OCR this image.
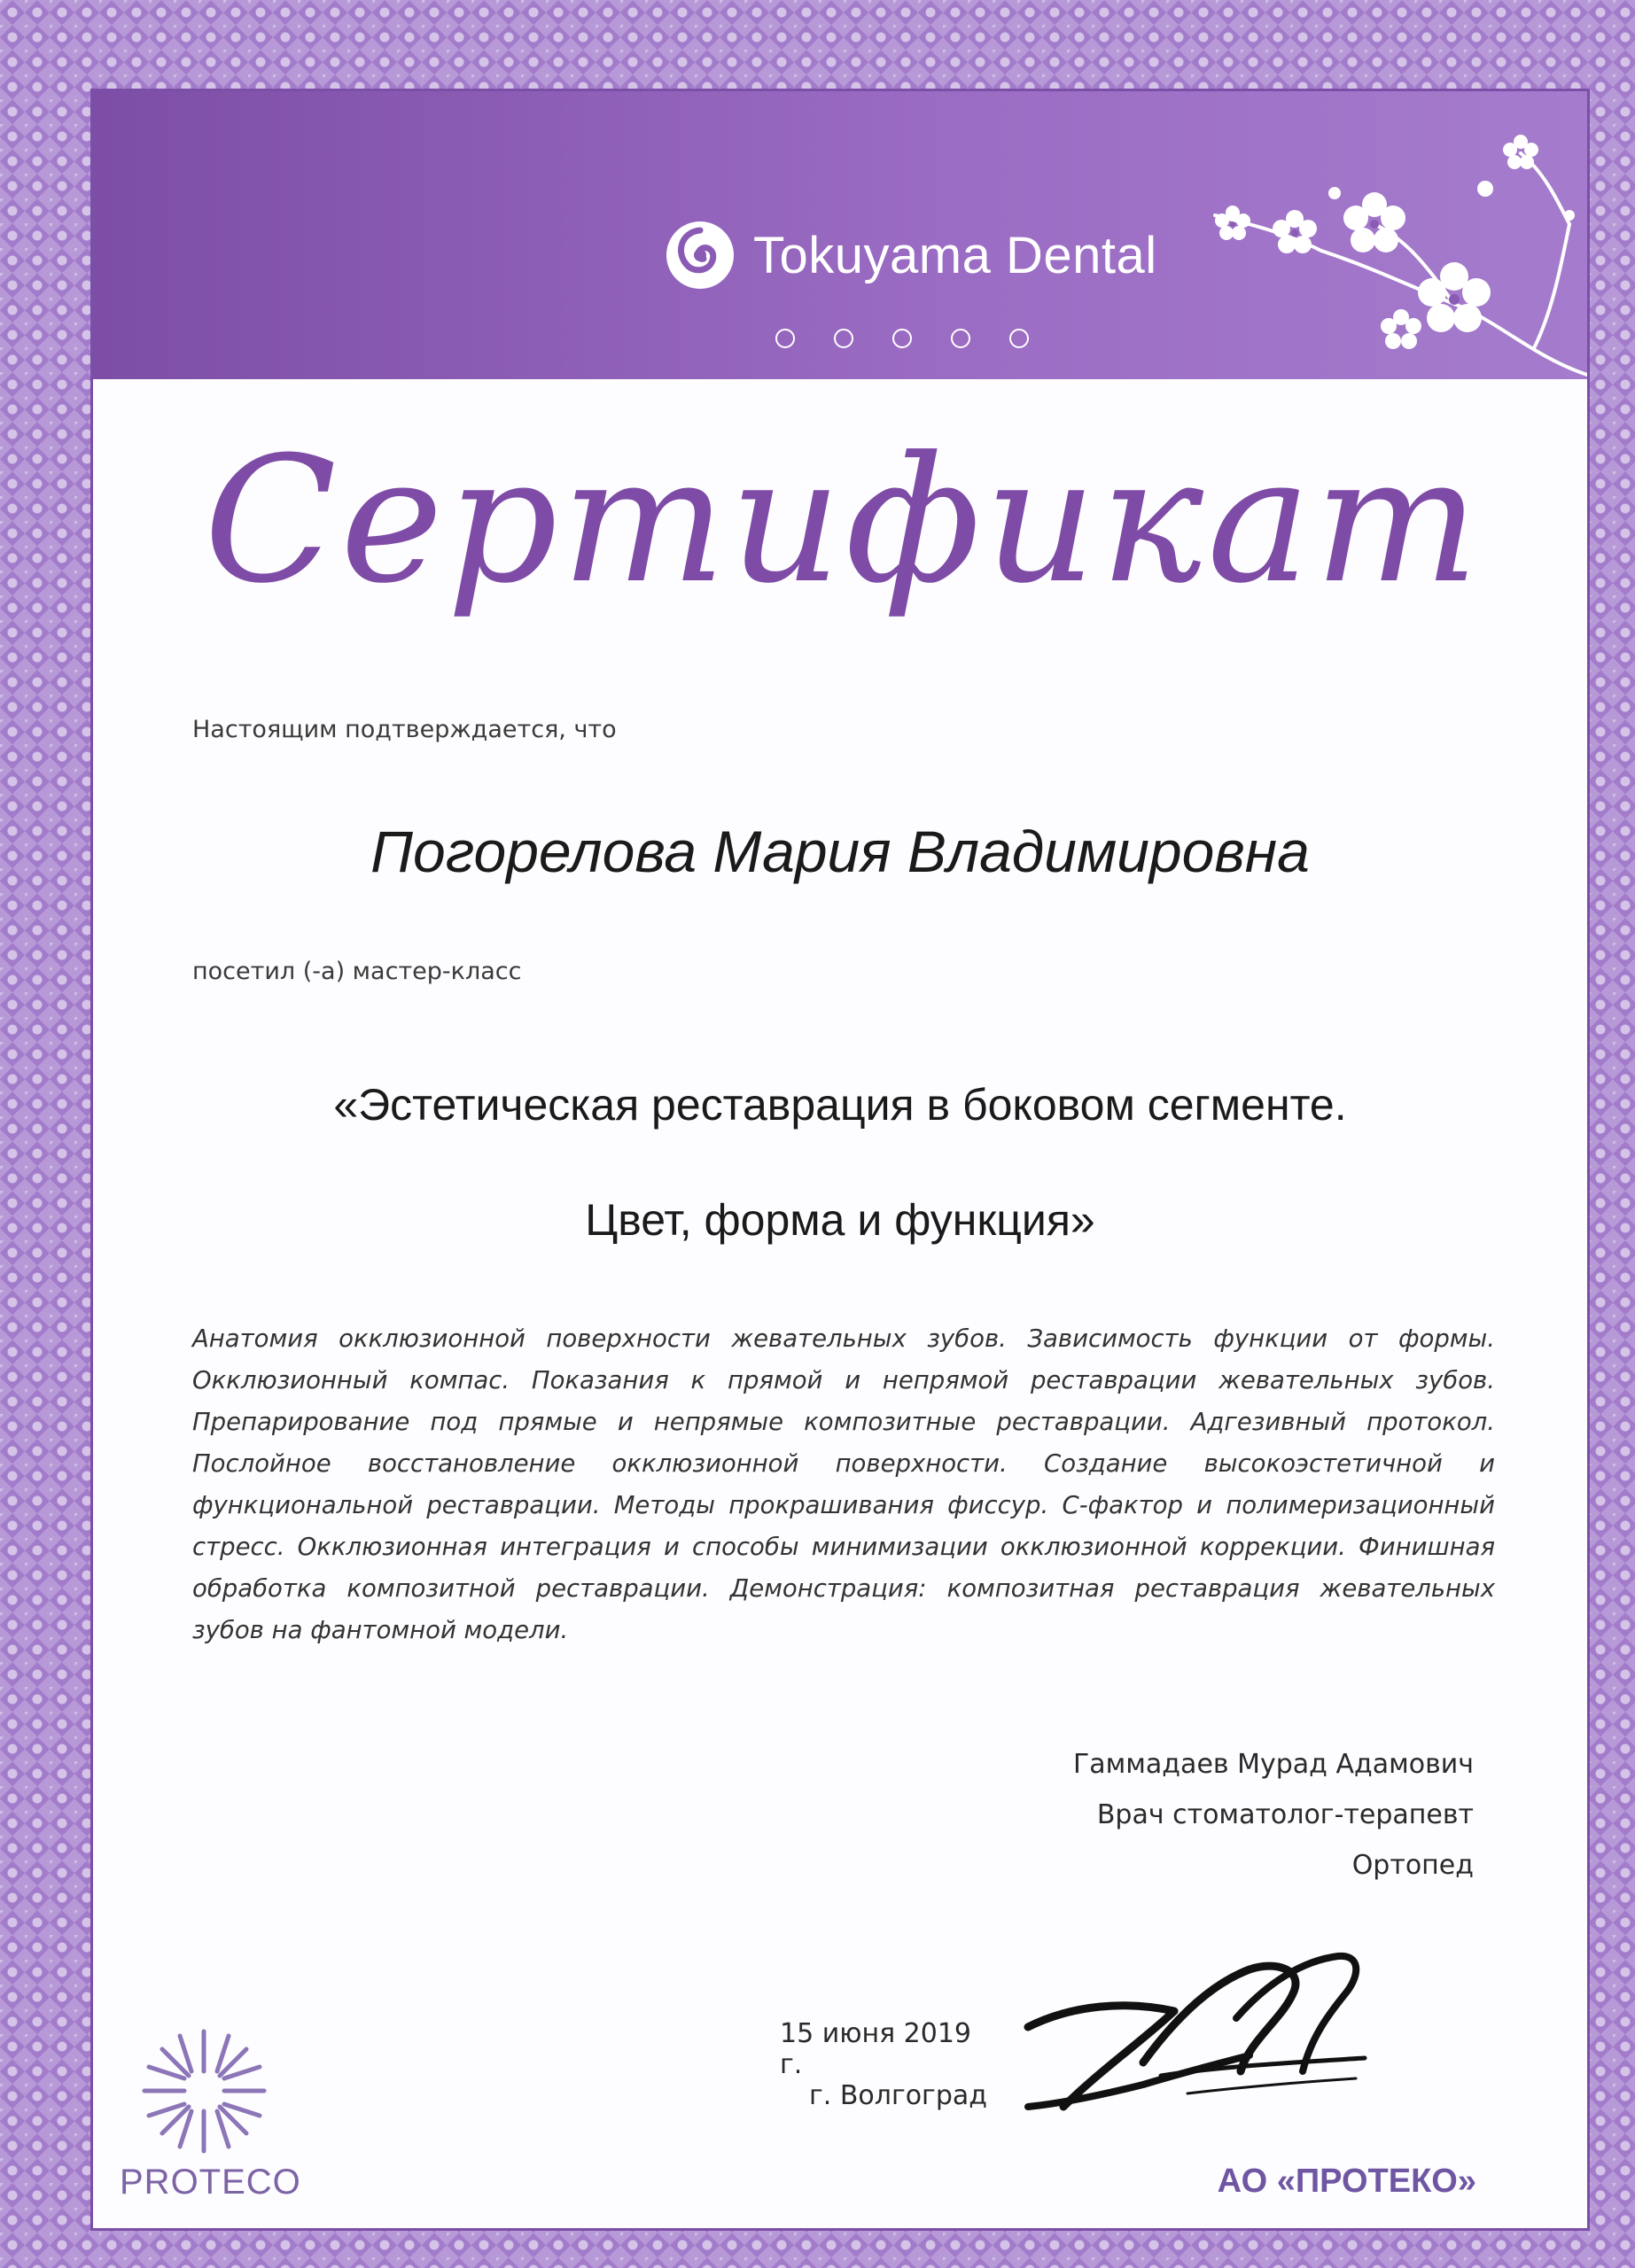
Tokuyama Dental
Сертификат
Настоящим подтверждается, что
Погорелова Мария Владимировна
посетил (-а) мастер-класс
«Эстетическая реставрация в боковом сегменте.
Цвет, форма и функция»
Анатомия окклюзионной поверхности жевательных зубов. Зависимость функции от формы. Окклюзионный компас. Показания к прямой и непрямой реставрации жевательных зубов. Препарирование под прямые и непрямые композитные реставрации. Адгезивный протокол. Послойное восстановление окклюзионной поверхности. Создание высокоэстетичной и функциональной реставрации. Методы прокрашивания фиссур. С-фактор и полимеризационный стресс. Окклюзионная интеграция и способы минимизации окклюзионной коррекции. Финишная обработка композитной реставрации. Демонстрация: композитная реставрация жевательных зубов на фантомной модели.
Гаммадаев Мурад Адамович
Врач стоматолог-терапевт
Ортопед
15 июня 2019 г.
г. Волгоград
PROTECO	АО «ПРОТЕКО»
